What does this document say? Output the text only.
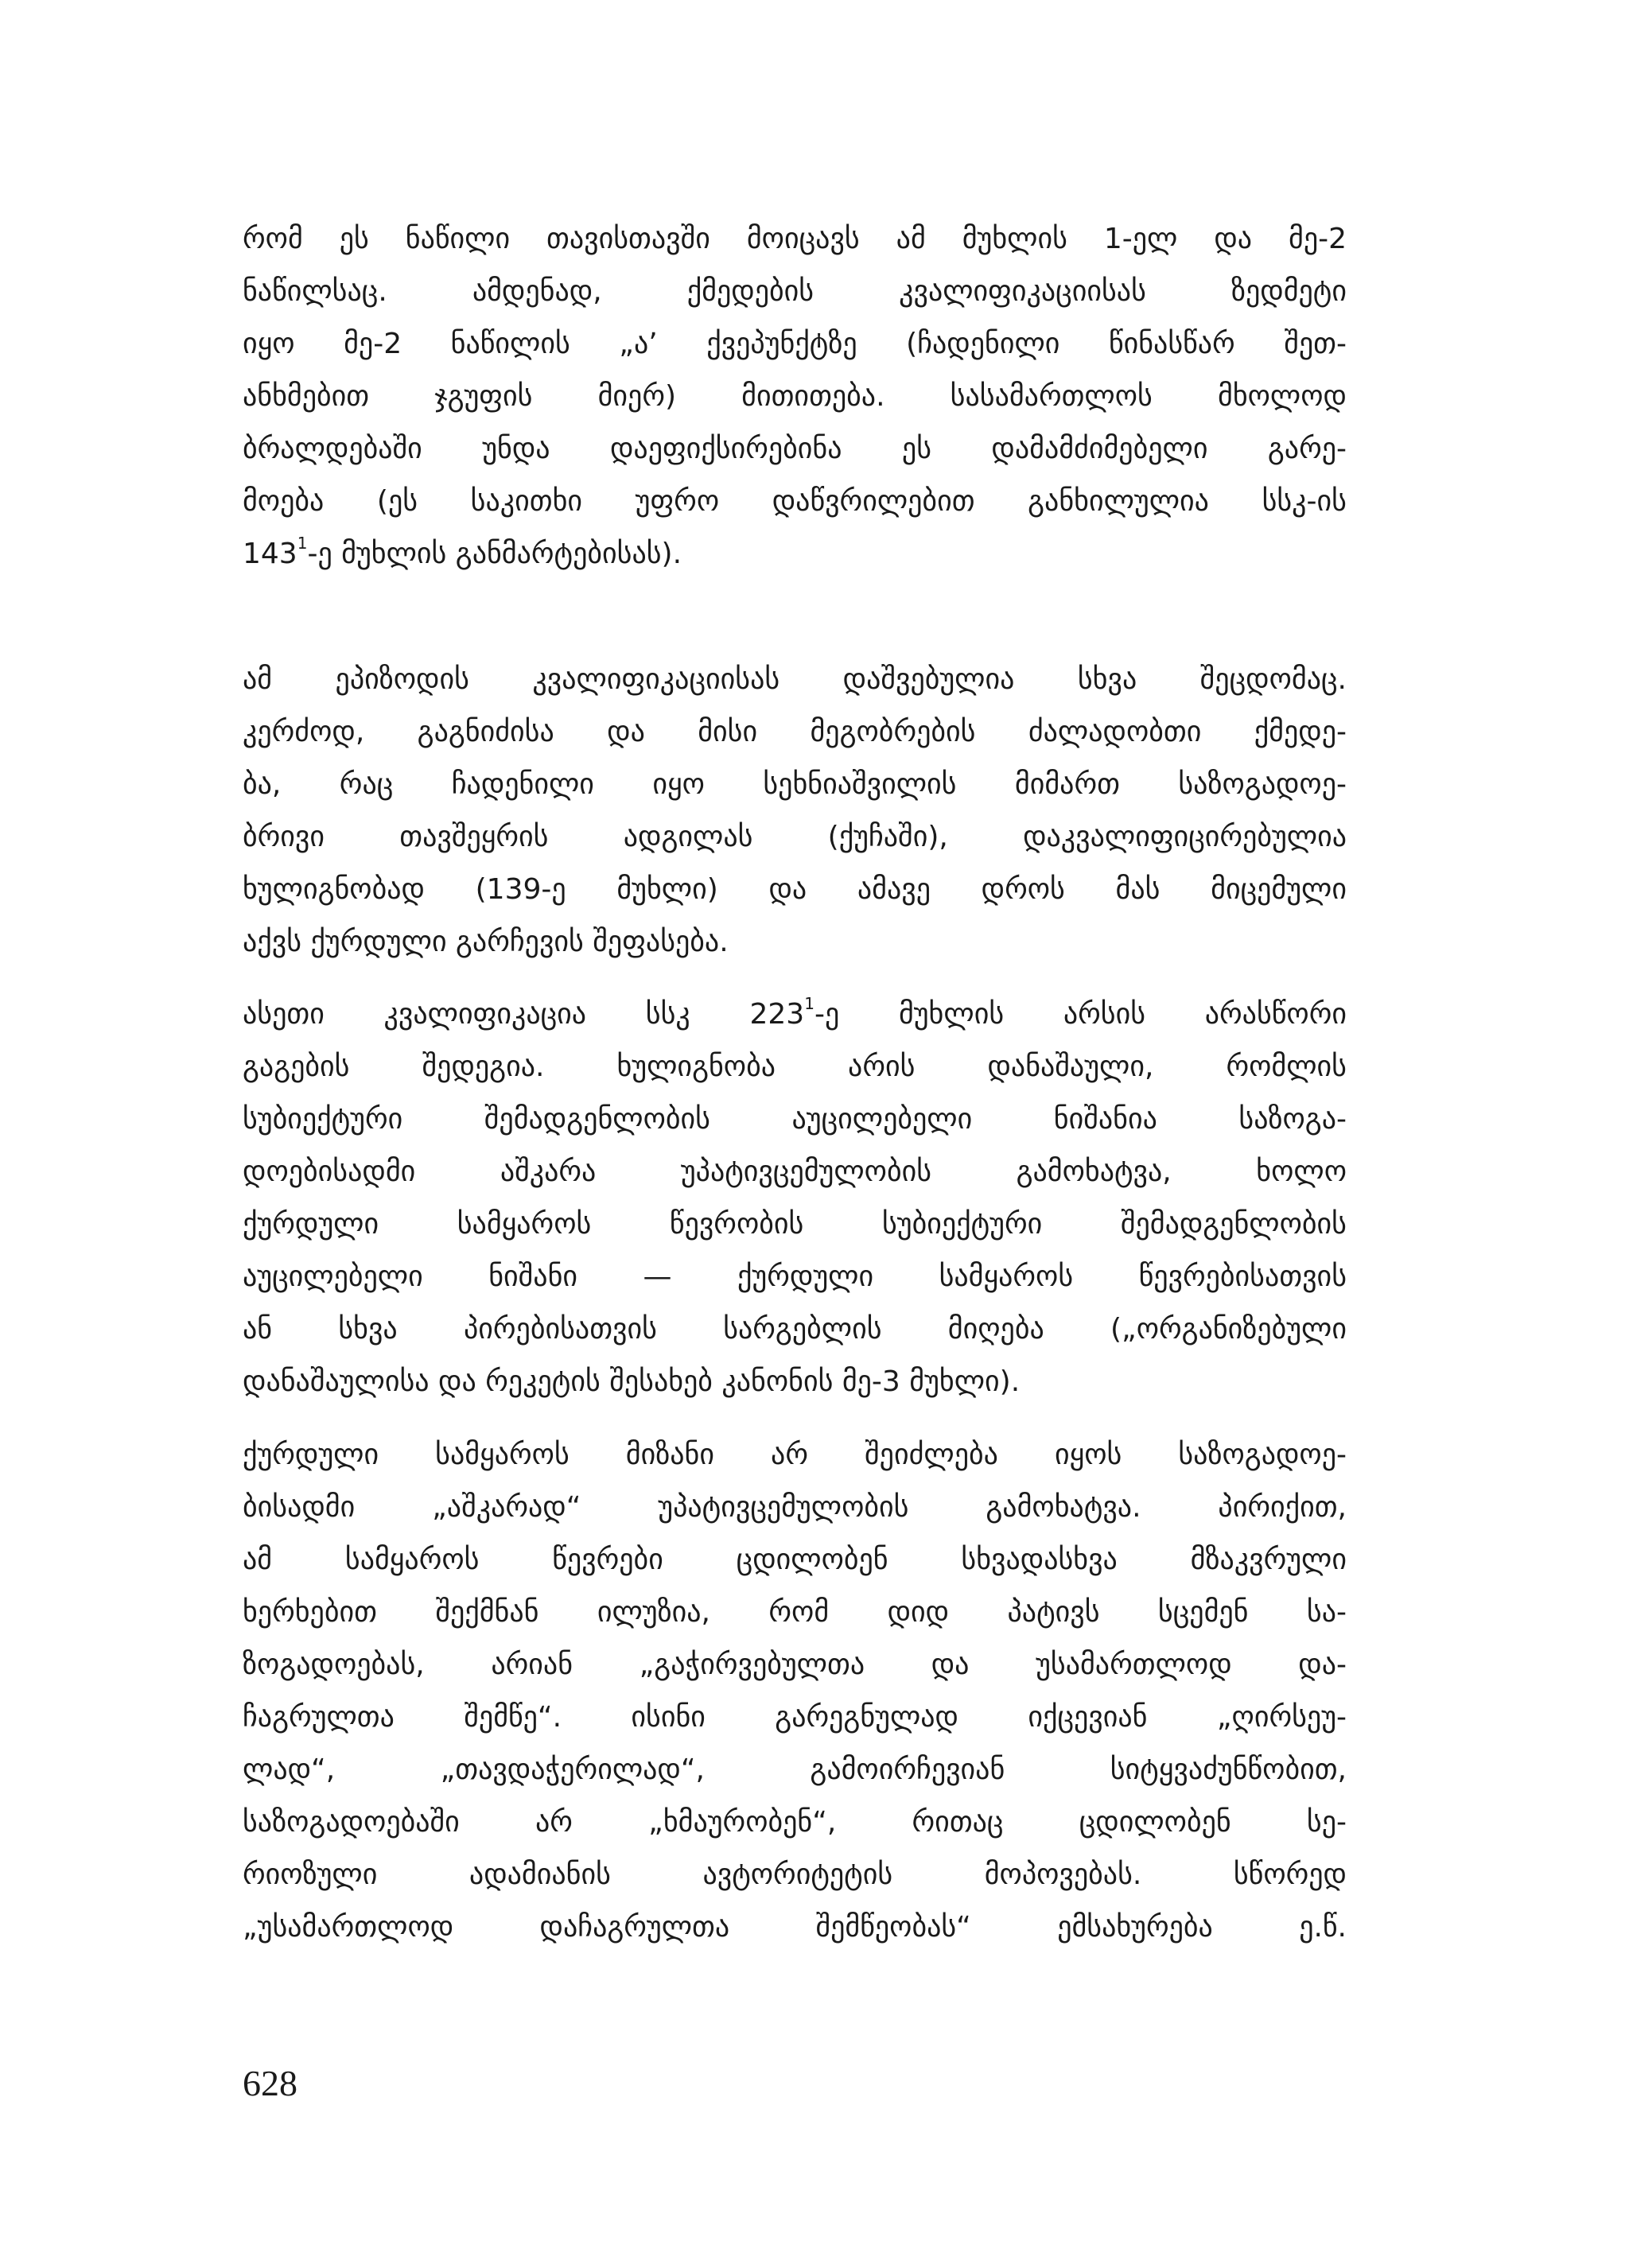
რომ ეს ნაწილი თავისთავში მოიცავს ამ მუხლის 1-ელ და მე-2
ნაწილსაც. ამდენად, ქმედების კვალიფიკაციისას ზედმეტი
იყო მე-2 ნაწილის „ა’ ქვეპუნქტზე (ჩადენილი წინასწარ შეთ-
ანხმებით ჯგუფის მიერ) მითითება. სასამართლოს მხოლოდ
ბრალდებაში უნდა დაეფიქსირებინა ეს დამამძიმებელი გარე-
მოება (ეს საკითხი უფრო დაწვრილებით განხილულია სსკ-ის
$143^1-ე$ მუხლის განმარტებისას).
ამ ეპიზოდის კვალიფიკაციისას დაშვებულია სხვა შეცდომაც.
კერძოდ, გაგნიძისა და მისი მეგობრების ძალადობთი ქმედე-
ბა, რაც ჩადენილი იყო სეხნიაშვილის მიმართ საზოგადოე-
ბრივი თავშეყრის ადგილას (ქუჩაში), დაკვალიფიცირებულია
ხულიგნობად (139-ე მუხლი) და ამავე დროს მას მიცემული
აქვს ქურდული გარჩევის შეფასება.
ასეთი კვალიფიკაცია სსკ $223^1-ე$ მუხლის არსის არასწორი
გაგების შედეგია. ხულიგნობა არის დანაშაული, რომლის
სუბიექტური შემადგენლობის აუცილებელი ნიშანია საზოგა-
დოებისადმი აშკარა უპატივცემულობის გამოხატვა, ხოლო
ქურდული სამყაროს წევრობის სუბიექტური შემადგენლობის
აუცილებელი ნიშანი — ქურდული სამყაროს წევრებისათვის
ან სხვა პირებისათვის სარგებლის მიღება („ორგანიზებული
დანაშაულისა და რეკეტის შესახებ კანონის მე-3 მუხლი).
ქურდული სამყაროს მიზანი არ შეიძლება იყოს საზოგადოე-
ბისადმი „აშკარად“ უპატივცემულობის გამოხატვა. პირიქით,
ამ სამყაროს წევრები ცდილობენ სხვადასხვა მზაკვრული
ხერხებით შექმნან ილუზია, რომ დიდ პატივს სცემენ სა-
ზოგადოებას, არიან „გაჭირვებულთა და უსამართლოდ და-
ჩაგრულთა შემწე“. ისინი გარეგნულად იქცევიან „ღირსეუ-
ლად“, „თავდაჭერილად“, გამოირჩევიან სიტყვაძუნწობით,
საზოგადოებაში არ „ხმაურობენ“, რითაც ცდილობენ სე-
რიოზული ადამიანის ავტორიტეტის მოპოვებას. სწორედ
„უსამართლოდ დაჩაგრულთა შემწეობას“ ემსახურება ე.წ.
628
